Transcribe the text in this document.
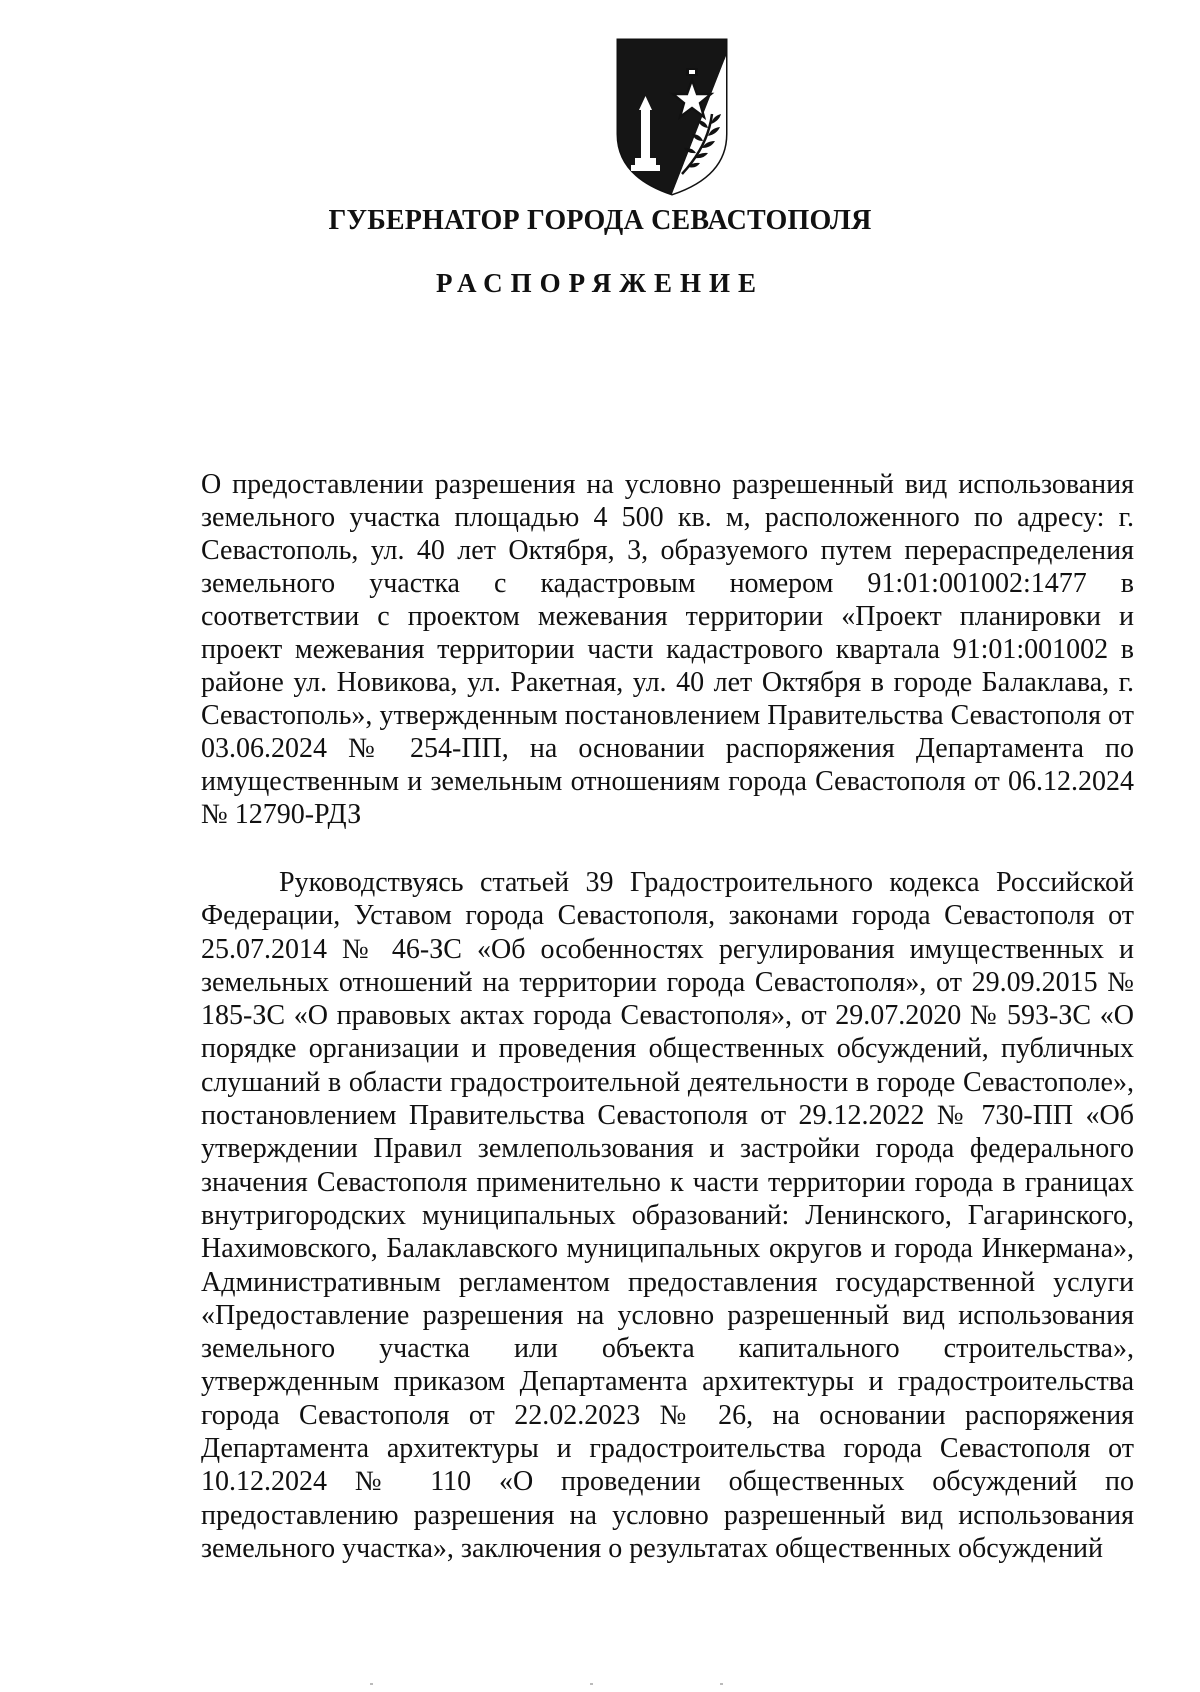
ГУБЕРНАТОР ГОРОДА СЕВАСТОПОЛЯ
РАСПОРЯЖЕНИЕ

О предоставлении разрешения на условно разрешенный вид использования земельного участка площадью 4 500 кв. м, расположенного по адресу: г. Севастополь, ул. 40 лет Октября, 3, образуемого путем перераспределения земельного участка с кадастровым номером 91:01:001002:1477 в соответствии с проектом межевания территории «Проект планировки и проект межевания территории части кадастрового квартала 91:01:001002 в районе ул. Новикова, ул. Ракетная, ул. 40 лет Октября в городе Балаклава, г. Севастополь», утвержденным постановлением Правительства Севастополя от 03.06.2024 № 254-ПП, на основании распоряжения Департамента по имущественным и земельным отношениям города Севастополя от 06.12.2024 № 12790-РДЗ

Руководствуясь статьей 39 Градостроительного кодекса Российской Федерации, Уставом города Севастополя, законами города Севастополя от 25.07.2014 № 46-ЗС «Об особенностях регулирования имущественных и земельных отношений на территории города Севастополя», от 29.09.2015 № 185-ЗС «О правовых актах города Севастополя», от 29.07.2020 № 593-ЗС «О порядке организации и проведения общественных обсуждений, публичных слушаний в области градостроительной деятельности в городе Севастополе», постановлением Правительства Севастополя от 29.12.2022 № 730-ПП «Об утверждении Правил землепользования и застройки города федерального значения Севастополя применительно к части территории города в границах внутригородских муниципальных образований: Ленинского, Гагаринского, Нахимовского, Балаклавского муниципальных округов и города Инкермана», Административным регламентом предоставления государственной услуги «Предоставление разрешения на условно разрешенный вид использования земельного участка или объекта капитального строительства», утвержденным приказом Департамента архитектуры и градостроительства города Севастополя от 22.02.2023 № 26, на основании распоряжения Департамента архитектуры и градостроительства города Севастополя от 10.12.2024 № 110 «О проведении общественных обсуждений по предоставлению разрешения на условно разрешенный вид использования земельного участка», заключения о результатах общественных обсуждений
